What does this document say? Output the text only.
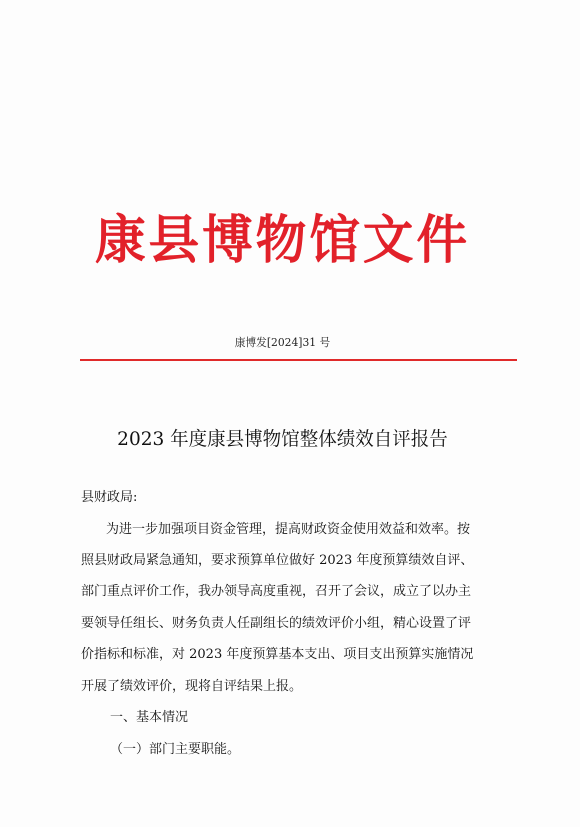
康县博物馆文件
康博发[2024]31 号
2023 年度康县博物馆整体绩效自评报告
县财政局:
为进一步加强项目资金管理，提高财政资金使用效益和效率。按
照县财政局紧急通知，要求预算单位做好 2023 年度预算绩效自评、
部门重点评价工作，我办领导高度重视，召开了会议，成立了以办主
要领导任组长、财务负责人任副组长的绩效评价小组，精心设置了评
价指标和标准，对 2023 年度预算基本支出、项目支出预算实施情况
开展了绩效评价，现将自评结果上报。
一、基本情况
（一）部门主要职能。
